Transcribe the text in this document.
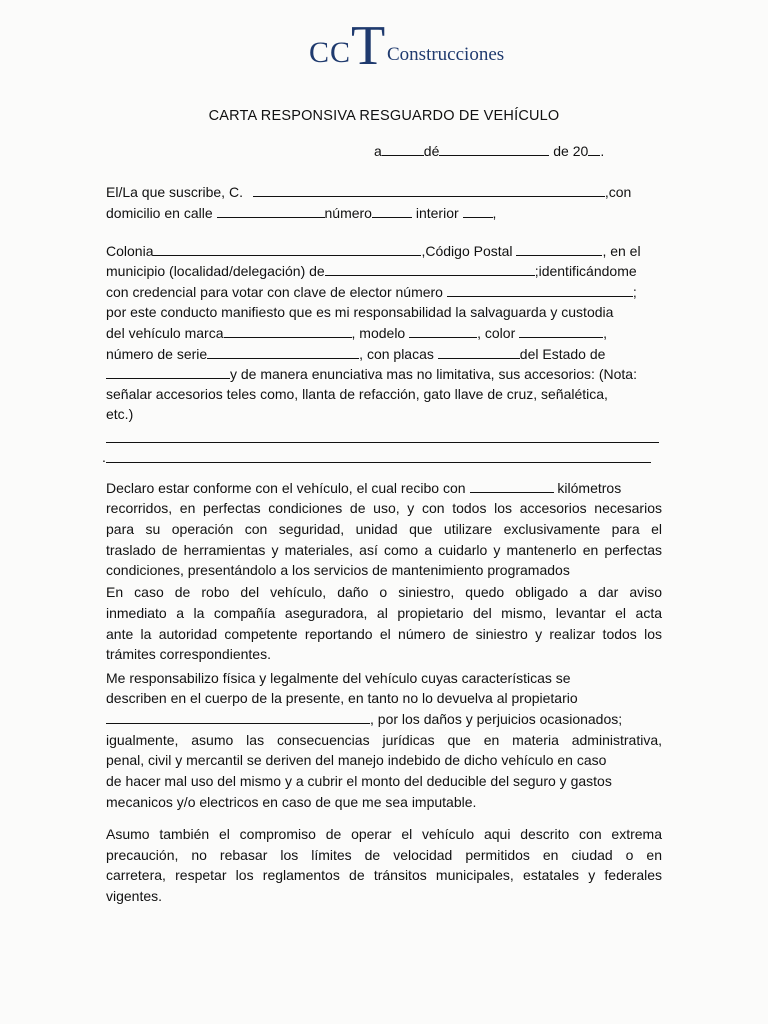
CC T Construcciones
CARTA RESPONSIVA RESGUARDO DE VEHÍCULO
a	dé	de 20 .
El/La que suscribe, C.	,con
domicilio en calle	número	interior ,
Colonia	,Código Postal	, en el
municipio (localidad/delegación) de	;identificándome
con credencial para votar con clave de elector número	;
por este conducto manifiesto que es mi responsabilidad la salvaguarda y custodia
del vehículo marca	, modelo	, color	,
número de serie	, con placas	del Estado de
y de manera enunciativa mas no limitativa, sus accesorios: (Nota:
señalar accesorios teles como, llanta de refacción, gato llave de cruz, señalética,
etc.)
.
Declaro estar conforme con el vehículo, el cual recibo con	kilómetros
recorridos, en perfectas condiciones de uso, y con todos los accesorios necesarios
para su operación con seguridad, unidad que utilizare exclusivamente para el
traslado de herramientas y materiales, así como a cuidarlo y mantenerlo en perfectas
condiciones, presentándolo a los servicios de mantenimiento programados
En caso de robo del vehículo, daño o siniestro, quedo obligado a dar aviso
inmediato a la compañía aseguradora, al propietario del mismo, levantar el acta
ante la autoridad competente reportando el número de siniestro y realizar todos los
trámites correspondientes.
Me responsabilizo física y legalmente del vehículo cuyas características se
describen en el cuerpo de la presente, en tanto no lo devuelva al propietario
, por los daños y perjuicios ocasionados;
igualmente, asumo las consecuencias jurídicas que en materia administrativa,
penal, civil y mercantil se deriven del manejo indebido de dicho vehículo en caso
de hacer mal uso del mismo y a cubrir el monto del deducible del seguro y gastos
mecanicos y/o electricos en caso de que me sea imputable.
Asumo también el compromiso de operar el vehículo aqui descrito con extrema
precaución, no rebasar los límites de velocidad permitidos en ciudad o en
carretera, respetar los reglamentos de tránsitos municipales, estatales y federales
vigentes.
